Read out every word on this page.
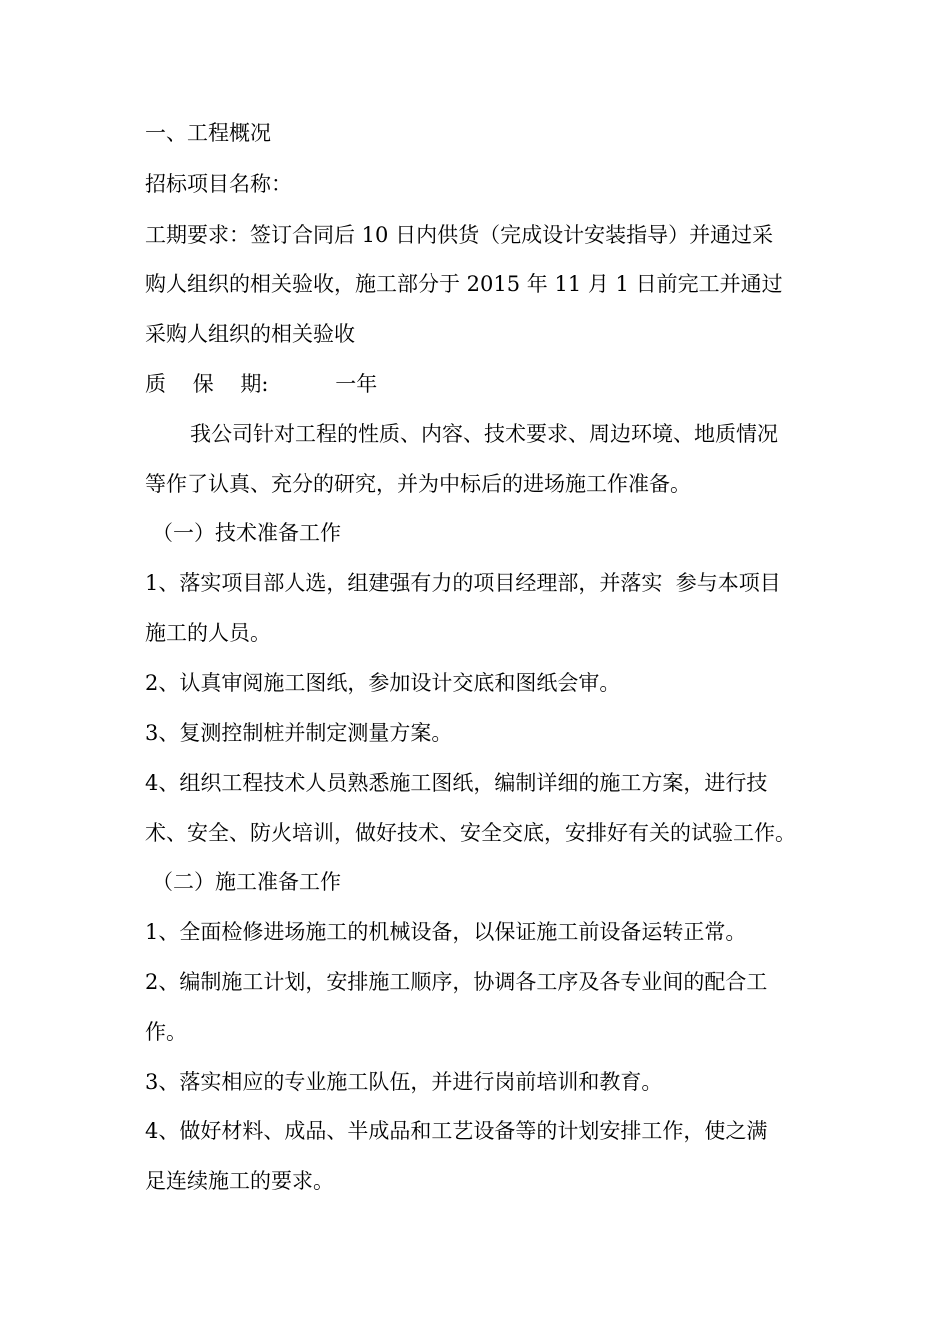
一、工程概况
招标项目名称：
工期要求：签订合同后 10 日内供货（完成设计安装指导）并通过采
购人组织的相关验收，施工部分于 2015 年 11 月 1 日前完工并通过
采购人组织的相关验收
质    保    期:          一年
我公司针对工程的性质、内容、技术要求、周边环境、地质情况
等作了认真、充分的研究，并为中标后的进场施工作准备。
（一）技术准备工作
1、落实项目部人选，组建强有力的项目经理部，并落实  参与本项目
施工的人员。
2、认真审阅施工图纸，参加设计交底和图纸会审。
3、复测控制桩并制定测量方案。
4、组织工程技术人员熟悉施工图纸，编制详细的施工方案，进行技
术、安全、防火培训，做好技术、安全交底，安排好有关的试验工作。
（二）施工准备工作
1、全面检修进场施工的机械设备，以保证施工前设备运转正常。
2、编制施工计划，安排施工顺序，协调各工序及各专业间的配合工
作。
3、落实相应的专业施工队伍，并进行岗前培训和教育。
4、做好材料、成品、半成品和工艺设备等的计划安排工作，使之满
足连续施工的要求。
